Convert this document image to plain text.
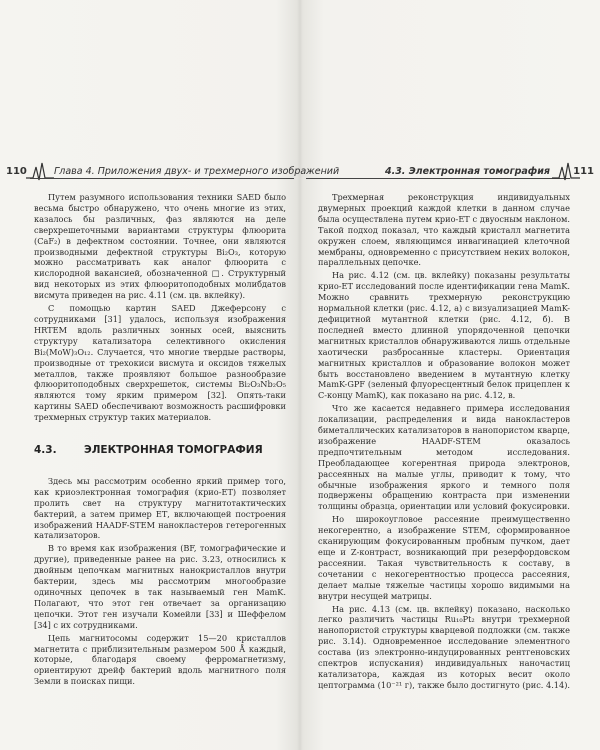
110	Глава 4. Приложения двух- и трехмерного изображений

Путем разумного использования техники SAED было весьма быстро обнаружено, что очень многие из этих, казалось бы различных, фаз являются на деле сверхрешеточными вариантами структуры флюорита (CaF₂) в дефектном состоянии. Точнее, они являются производными дефектной структуры Bi₂O₃, которую можно рассматривать как аналог флюорита с кислородной вакансией, обозначенной □. Структурный вид некоторых из этих флюоритоподобных молибдатов висмута приведен на рис. 4.11 (см. цв. вклейку).

С помощью картин SAED Джеферсону с сотрудниками [31] удалось, используя изображения HRTEM вдоль различных зонных осей, выяснить структуру катализатора селективного окисления Bi₂(MoW)₃O₁₂. Случается, что многие твердые растворы, производные от трехокиси висмута и оксидов тяжелых металлов, также проявляют большое разнообразие флюоритоподобных сверхрешеток, системы Bi₂O₃Nb₂O₅ являются тому ярким примером [32]. Опять-таки картины SAED обеспечивают возможность расшифровки трехмерных структур таких материалов.

4.3.	ЭЛЕКТРОННАЯ ТОМОГРАФИЯ

Здесь мы рассмотрим особенно яркий пример того, как криоэлектронная томография (крио-ЕТ) позволяет пролить свет на структуру магнитотактических бактерий, а затем пример ЕТ, включающей построения изображений HAADF-STEM нанокластеров гетерогенных катализаторов.

В то время как изображения (BF, томографические и другие), приведенные ранее на рис. 3.23, относились к двойным цепочкам магнитных нанокристаллов внутри бактерии, здесь мы рассмотрим многообразие одиночных цепочек в так называемый ген MamK. Полагают, что этот ген отвечает за организацию цепочки. Этот ген изучали Комейли [33] и Шеффелом [34] с их сотрудниками.

Цепь магнитосомы содержит 15—20 кристаллов магнетита с приблизительным размером 500 Å каждый, которые, благодаря своему ферромагнетизму, ориентируют дрейф бактерий вдоль магнитного поля Земли в поисках пищи.

4.3. Электронная томография 111

Трехмерная реконструкция индивидуальных двумерных проекций каждой клетки в данном случае была осуществлена путем крио-ЕТ с двуосным наклоном. Такой подход показал, что каждый кристалл магнетита окружен слоем, являющимся инвагинацией клеточной мембраны, одновременно с присутствием неких волокон, параллельных цепочке.

На рис. 4.12 (см. цв. вклейку) показаны результаты крио-ЕТ исследований после идентификации гена MamK. Можно сравнить трехмерную реконструкцию нормальной клетки (рис. 4.12, а) с визуализацией MamK-дефицитной мутантной клетки (рис. 4.12, б). В последней вместо длинной упорядоченной цепочки магнитных кристаллов обнаруживаются лишь отдельные хаотически разбросанные кластеры. Ориентация магнитных кристаллов и образование волокон может быть восстановлено введением в мутантную клетку MamK-GPF (зеленый флуоресцентный белок прицеплен к С-концу MamK), как показано на рис. 4.12, в.

Что же касается недавнего примера исследования локализации, распределения и вида нанокластеров биметаллических катализаторов в нанопористом кварце, изображение HAADF-STEM оказалось предпочтительным методом исследования. Преобладающее когерентная природа электронов, рассеянных на малые углы, приводит к тому, что обычные изображения яркого и темного поля подвержены обращению контраста при изменении толщины образца, ориентации или условий фокусировки.

Но широкоугловое рассеяние преимущественно некогерентно, а изображение STEM, сформированное сканирующим фокусированным пробным пучком, дает еще и Z-контраст, возникающий при резерфордовском рассеянии. Такая чувствительность к составу, в сочетании с некогерентностью процесса рассеяния, делает малые тяжелые частицы хорошо видимыми на внутри несущей матрицы.

На рис. 4.13 (см. цв. вклейку) показано, насколько легко различить частицы Ru₁₀Pt₂ внутри трехмерной нанопористой структуры кварцевой подложки (см. также рис. 3.14). Одновременное исследование элементного состава (из электронно-индуцированных рентгеновских спектров испускания) индивидуальных наночастиц катализатора, каждая из которых весит около цептограмма (10⁻²¹ г), также было достигнуто (рис. 4.14).
